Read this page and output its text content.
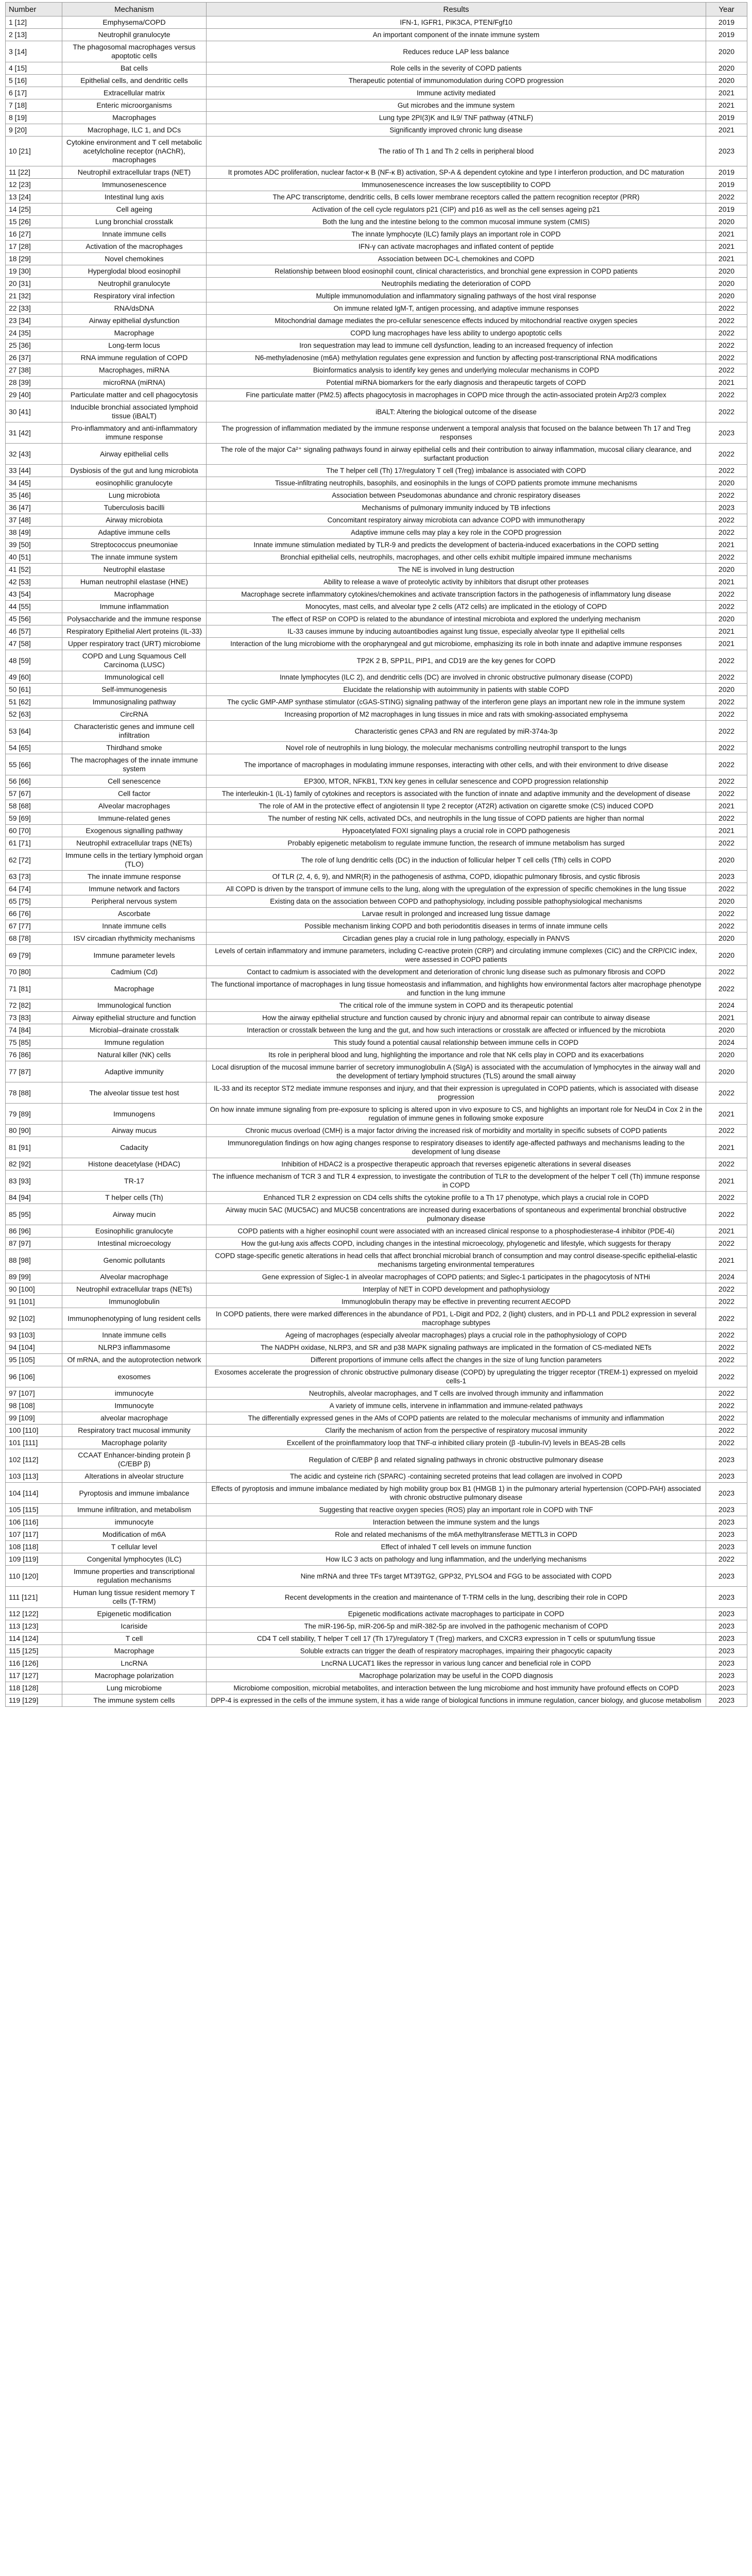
Number	Mechanism	Results	Year
1 [12]	Emphysema/COPD	IFN-1, IGFR1, PIK3CA, PTEN/Fgf10	2019
2 [13]	Neutrophil granulocyte	An important component of the innate immune system	2019
3 [14]	The phagosomal macrophages versus apoptotic cells	Reduces reduce LAP less balance	2020
4 [15]	Bat cells	Role cells in the severity of COPD patients	2020
5 [16]	Epithelial cells, and dendritic cells	Therapeutic potential of immunomodulation during COPD progression	2020
6 [17]	Extracellular matrix	Immune activity mediated	2021
7 [18]	Enteric microorganisms	Gut microbes and the immune system	2021
8 [19]	Macrophages	Lung type 2PI(3)K and IL9/ TNF pathway (4TNLF)	2019
9 [20]	Macrophage, ILC 1, and DCs	Significantly improved chronic lung disease	2021
10 [21]	Cytokine environment and T cell metabolic acetylcholine receptor (nAChR), macrophages	The ratio of Th 1 and Th 2 cells in peripheral blood	2023
11 [22]	Neutrophil extracellular traps (NET)	It promotes ADC proliferation, nuclear factor-κ B (NF-κ B) activation, SP-A & dependent cytokine and type I interferon production, and DC maturation	2019
12 [23]	Immunosenescence	Immunosenescence increases the low susceptibility to COPD	2019
13 [24]	Intestinal lung axis	The APC transcriptome, dendritic cells, B cells lower membrane receptors called the pattern recognition receptor (PRR)	2022
14 [25]	Cell ageing	Activation of the cell cycle regulators p21 (CIP) and p16 as well as the cell senses ageing p21	2019
15 [26]	Lung bronchial crosstalk	Both the lung and the intestine belong to the common mucosal immune system (CMIS)	2020
16 [27]	Innate immune cells	The innate lymphocyte (ILC) family plays an important role in COPD	2021
17 [28]	Activation of the macrophages	IFN-γ can activate macrophages and inflated content of peptide	2021
18 [29]	Novel chemokines	Association between DC-L chemokines and COPD	2021
19 [30]	Hyperglodal blood eosinophil	Relationship between blood eosinophil count, clinical characteristics, and bronchial gene expression in COPD patients	2020
20 [31]	Neutrophil granulocyte	Neutrophils mediating the deterioration of COPD	2020
21 [32]	Respiratory viral infection	Multiple immunomodulation and inflammatory signaling pathways of the host viral response	2020
22 [33]	RNA/dsDNA	On immune related IgM-T, antigen processing, and adaptive immune responses	2022
23 [34]	Airway epithelial dysfunction	Mitochondrial damage mediates the pro-cellular senescence effects induced by mitochondrial reactive oxygen species	2022
24 [35]	Macrophage	COPD lung macrophages have less ability to undergo apoptotic cells	2022
25 [36]	Long-term locus	Iron sequestration may lead to immune cell dysfunction, leading to an increased frequency of infection	2022
26 [37]	RNA immune regulation of COPD	N6-methyladenosine (m6A) methylation regulates gene expression and function by affecting post-transcriptional RNA modifications	2022
27 [38]	Macrophages, miRNA	Bioinformatics analysis to identify key genes and underlying molecular mechanisms in COPD	2022
28 [39]	microRNA (miRNA)	Potential miRNA biomarkers for the early diagnosis and therapeutic targets of COPD	2021
29 [40]	Particulate matter and cell phagocytosis	Fine particulate matter (PM2.5) affects phagocytosis in macrophages in COPD mice through the actin-associated protein Arp2/3 complex	2022
30 [41]	Inducible bronchial associated lymphoid tissue (iBALT)	iBALT: Altering the biological outcome of the disease	2022
31 [42]	Pro-inflammatory and anti-inflammatory immune response	The progression of inflammation mediated by the immune response underwent a temporal analysis that focused on the balance between Th 17 and Treg responses	2023
32 [43]	Airway epithelial cells	The role of the major Ca²⁺ signaling pathways found in airway epithelial cells and their contribution to airway inflammation, mucosal ciliary clearance, and surfactant production	2022
33 [44]	Dysbiosis of the gut and lung microbiota	The T helper cell (Th) 17/regulatory T cell (Treg) imbalance is associated with COPD	2022
34 [45]	eosinophilic granulocyte	Tissue-infiltrating neutrophils, basophils, and eosinophils in the lungs of COPD patients promote immune mechanisms	2020
35 [46]	Lung microbiota	Association between Pseudomonas abundance and chronic respiratory diseases	2022
36 [47]	Tuberculosis bacilli	Mechanisms of pulmonary immunity induced by TB infections	2023
37 [48]	Airway microbiota	Concomitant respiratory airway microbiota can advance COPD with immunotherapy	2022
38 [49]	Adaptive immune cells	Adaptive immune cells may play a key role in the COPD progression	2022
39 [50]	Streptococcus pneumoniae	Innate immune stimulation mediated by TLR-9 and predicts the development of bacteria-induced exacerbations in the COPD setting	2021
40 [51]	The innate immune system	Bronchial epithelial cells, neutrophils, macrophages, and other cells exhibit multiple impaired immune mechanisms	2022
41 [52]	Neutrophil elastase	The NE is involved in lung destruction	2020
42 [53]	Human neutrophil elastase (HNE)	Ability to release a wave of proteolytic activity by inhibitors that disrupt other proteases	2021
43 [54]	Macrophage	Macrophage secrete inflammatory cytokines/chemokines and activate transcription factors in the pathogenesis of inflammatory lung disease	2022
44 [55]	Immune inflammation	Monocytes, mast cells, and alveolar type 2 cells (AT2 cells) are implicated in the etiology of COPD	2022
45 [56]	Polysaccharide and the immune response	The effect of RSP on COPD is related to the abundance of intestinal microbiota and explored the underlying mechanism	2020
46 [57]	Respiratory Epithelial Alert proteins (IL-33)	IL-33 causes immune by inducing autoantibodies against lung tissue, especially alveolar type II epithelial cells	2021
47 [58]	Upper respiratory tract (URT) microbiome	Interaction of the lung microbiome with the oropharyngeal and gut microbiome, emphasizing its role in both innate and adaptive immune responses	2021
48 [59]	COPD and Lung Squamous Cell Carcinoma (LUSC)	TP2K 2 B, SPP1L, PIP1, and CD19 are the key genes for COPD	2022
49 [60]	Immunological cell	Innate lymphocytes (ILC 2), and dendritic cells (DC) are involved in chronic obstructive pulmonary disease (COPD)	2022
50 [61]	Self-immunogenesis	Elucidate the relationship with autoimmunity in patients with stable COPD	2020
51 [62]	Immunosignaling pathway	The cyclic GMP-AMP synthase stimulator (cGAS-STING) signaling pathway of the interferon gene plays an important new role in the immune system	2022
52 [63]	CircRNA	Increasing proportion of M2 macrophages in lung tissues in mice and rats with smoking-associated emphysema	2022
53 [64]	Characteristic genes and immune cell infiltration	Characteristic genes CPA3 and RN are regulated by miR-374a-3p	2022
54 [65]	Thirdhand smoke	Novel role of neutrophils in lung biology, the molecular mechanisms controlling neutrophil transport to the lungs	2022
55 [66]	The macrophages of the innate immune system	The importance of macrophages in modulating immune responses, interacting with other cells, and with their environment to drive disease	2022
56 [66]	Cell senescence	EP300, MTOR, NFKB1, TXN key genes in cellular senescence and COPD progression relationship	2022
57 [67]	Cell factor	The interleukin-1 (IL-1) family of cytokines and receptors is associated with the function of innate and adaptive immunity and the development of disease	2022
58 [68]	Alveolar macrophages	The role of AM in the protective effect of angiotensin II type 2 receptor (AT2R) activation on cigarette smoke (CS) induced COPD	2021
59 [69]	Immune-related genes	The number of resting NK cells, activated DCs, and neutrophils in the lung tissue of COPD patients are higher than normal	2022
60 [70]	Exogenous signalling pathway	Hypoacetylated FOXI signaling plays a crucial role in COPD pathogenesis	2021
61 [71]	Neutrophil extracellular traps (NETs)	Probably epigenetic metabolism to regulate immune function, the research of immune metabolism has surged	2022
62 [72]	Immune cells in the tertiary lymphoid organ (TLO)	The role of lung dendritic cells (DC) in the induction of follicular helper T cell cells (Tfh) cells in COPD	2020
63 [73]	The innate immune response	Of TLR (2, 4, 6, 9), and NMR(R) in the pathogenesis of asthma, COPD, idiopathic pulmonary fibrosis, and cystic fibrosis	2023
64 [74]	Immune network and factors	All COPD is driven by the transport of immune cells to the lung, along with the upregulation of the expression of specific chemokines in the lung tissue	2022
65 [75]	Peripheral nervous system	Existing data on the association between COPD and pathophysiology, including possible pathophysiological mechanisms	2020
66 [76]	Ascorbate	Larvae result in prolonged and increased lung tissue damage	2022
67 [77]	Innate immune cells	Possible mechanism linking COPD and both periodontitis diseases in terms of innate immune cells	2022
68 [78]	ISV circadian rhythmicity mechanisms	Circadian genes play a crucial role in lung pathology, especially in PANVS	2020
69 [79]	Immune parameter levels	Levels of certain inflammatory and immune parameters, including C-reactive protein (CRP) and circulating immune complexes (CIC) and the CRP/CIC index, were assessed in COPD patients	2020
70 [80]	Cadmium (Cd)	Contact to cadmium is associated with the development and deterioration of chronic lung disease such as pulmonary fibrosis and COPD	2022
71 [81]	Macrophage	The functional importance of macrophages in lung tissue homeostasis and inflammation, and highlights how environmental factors alter macrophage phenotype and function in the lung immune	2022
72 [82]	Immunological function	The critical role of the immune system in COPD and its therapeutic potential	2024
73 [83]	Airway epithelial structure and function	How the airway epithelial structure and function caused by chronic injury and abnormal repair can contribute to airway disease	2021
74 [84]	Microbial–drainate crosstalk	Interaction or crosstalk between the lung and the gut, and how such interactions or crosstalk are affected or influenced by the microbiota	2020
75 [85]	Immune regulation	This study found a potential causal relationship between immune cells in COPD	2024
76 [86]	Natural killer (NK) cells	Its role in peripheral blood and lung, highlighting the importance and role that NK cells play in COPD and its exacerbations	2020
77 [87]	Adaptive immunity	Local disruption of the mucosal immune barrier of secretory immunoglobulin A (SIgA) is associated with the accumulation of lymphocytes in the airway wall and the development of tertiary lymphoid structures (TLS) around the small airway	2020
78 [88]	The alveolar tissue test host	IL-33 and its receptor ST2 mediate immune responses and injury, and that their expression is upregulated in COPD patients, which is associated with disease progression	2022
79 [89]	Immunogens	On how innate immune signaling from pre-exposure to splicing is altered upon in vivo exposure to CS, and highlights an important role for NeuD4 in Cox 2 in the regulation of immune genes in following smoke exposure	2021
80 [90]	Airway mucus	Chronic mucus overload (CMH) is a major factor driving the increased risk of morbidity and mortality in specific subsets of COPD patients	2022
81 [91]	Cadacity	Immunoregulation findings on how aging changes response to respiratory diseases to identify age-affected pathways and mechanisms leading to the development of lung disease	2021
82 [92]	Histone deacetylase (HDAC)	Inhibition of HDAC2 is a prospective therapeutic approach that reverses epigenetic alterations in several diseases	2022
83 [93]	TR-17	The influence mechanism of TCR 3 and TLR 4 expression, to investigate the contribution of TLR to the development of the helper T cell (Th) immune response in COPD	2021
84 [94]	T helper cells (Th)	Enhanced TLR 2 expression on CD4 cells shifts the cytokine profile to a Th 17 phenotype, which plays a crucial role in COPD	2022
85 [95]	Airway mucin	Airway mucin 5AC (MUC5AC) and MUC5B concentrations are increased during exacerbations of spontaneous and experimental bronchial obstructive pulmonary disease	2022
86 [96]	Eosinophilic granulocyte	COPD patients with a higher eosinophil count were associated with an increased clinical response to a phosphodiesterase-4 inhibitor (PDE-4i)	2021
87 [97]	Intestinal microecology	How the gut-lung axis affects COPD, including changes in the intestinal microecology, phylogenetic and lifestyle, which suggests for therapy	2022
88 [98]	Genomic pollutants	COPD stage-specific genetic alterations in head cells that affect bronchial microbial branch of consumption and may control disease-specific epithelial-elastic mechanisms targeting environmental temperatures	2021
89 [99]	Alveolar macrophage	Gene expression of Siglec-1 in alveolar macrophages of COPD patients; and Siglec-1 participates in the phagocytosis of NTHi	2024
90 [100]	Neutrophil extracellular traps (NETs)	Interplay of NET in COPD development and pathophysiology	2022
91 [101]	Immunoglobulin	Immunoglobulin therapy may be effective in preventing recurrent AECOPD	2022
92 [102]	Immunophenotyping of lung resident cells	In COPD patients, there were marked differences in the abundance of PD1, L-Digit and PD2, 2 (light) clusters, and in PD-L1 and PDL2 expression in several macrophage subtypes	2022
93 [103]	Innate immune cells	Ageing of macrophages (especially alveolar macrophages) plays a crucial role in the pathophysiology of COPD	2022
94 [104]	NLRP3 inflammasome	The NADPH oxidase, NLRP3, and SR and p38 MAPK signaling pathways are implicated in the formation of CS-mediated NETs	2022
95 [105]	Of mRNA, and the autoprotection network	Different proportions of immune cells affect the changes in the size of lung function parameters	2022
96 [106]	exosomes	Exosomes accelerate the progression of chronic obstructive pulmonary disease (COPD) by upregulating the trigger receptor (TREM-1) expressed on myeloid cells-1	2022
97 [107]	immunocyte	Neutrophils, alveolar macrophages, and T cells are involved through immunity and inflammation	2022
98 [108]	Immunocyte	A variety of immune cells, intervene in inflammation and immune-related pathways	2022
99 [109]	alveolar macrophage	The differentially expressed genes in the AMs of COPD patients are related to the molecular mechanisms of immunity and inflammation	2022
100 [110]	Respiratory tract mucosal immunity	Clarify the mechanism of action from the perspective of respiratory mucosal immunity	2022
101 [111]	Macrophage polarity	Excellent of the proinflammatory loop that TNF-α inhibited ciliary protein (β -tubulin-IV) levels in BEAS-2B cells	2022
102 [112]	CCAAT Enhancer-binding protein β (C/EBP β)	Regulation of C/EBP β and related signaling pathways in chronic obstructive pulmonary disease	2023
103 [113]	Alterations in alveolar structure	The acidic and cysteine rich (SPARC) -containing secreted proteins that lead collagen are involved in COPD	2023
104 [114]	Pyroptosis and immune imbalance	Effects of pyroptosis and immune imbalance mediated by high mobility group box B1 (HMGB 1) in the pulmonary arterial hypertension (COPD-PAH) associated with chronic obstructive pulmonary disease	2023
105 [115]	Immune infiltration, and metabolism	Suggesting that reactive oxygen species (ROS) play an important role in COPD with TNF	2023
106 [116]	immunocyte	Interaction between the immune system and the lungs	2023
107 [117]	Modification of m6A	Role and related mechanisms of the m6A methyltransferase METTL3 in COPD	2023
108 [118]	T cellular level	Effect of inhaled T cell levels on immune function	2023
109 [119]	Congenital lymphocytes (ILC)	How ILC 3 acts on pathology and lung inflammation, and the underlying mechanisms	2022
110 [120]	Immune properties and transcriptional regulation mechanisms	Nine mRNA and three TFs target MT39TG2, GPP32, PYLSO4 and FGG to be associated with COPD	2023
111 [121]	Human lung tissue resident memory T cells (T-TRM)	Recent developments in the creation and maintenance of T-TRM cells in the lung, describing their role in COPD	2023
112 [122]	Epigenetic modification	Epigenetic modifications activate macrophages to participate in COPD	2023
113 [123]	Icariside	The miR-196-5p, miR-206-5p and miR-382-5p are involved in the pathogenic mechanism of COPD	2023
114 [124]	T cell	CD4 T cell stability, T helper T cell 17 (Th 17)/regulatory T (Treg) markers, and CXCR3 expression in T cells or sputum/lung tissue	2023
115 [125]	Macrophage	Soluble extracts can trigger the death of respiratory macrophages, impairing their phagocytic capacity	2023
116 [126]	LncRNA	LncRNA LUCAT1 likes the repressor in various lung cancer and beneficial role in COPD	2023
117 [127]	Macrophage polarization	Macrophage polarization may be useful in the COPD diagnosis	2023
118 [128]	Lung microbiome	Microbiome composition, microbial metabolites, and interaction between the lung microbiome and host immunity have profound effects on COPD	2023
119 [129]	The immune system cells	DPP-4 is expressed in the cells of the immune system, it has a wide range of biological functions in immune regulation, cancer biology, and glucose metabolism	2023
